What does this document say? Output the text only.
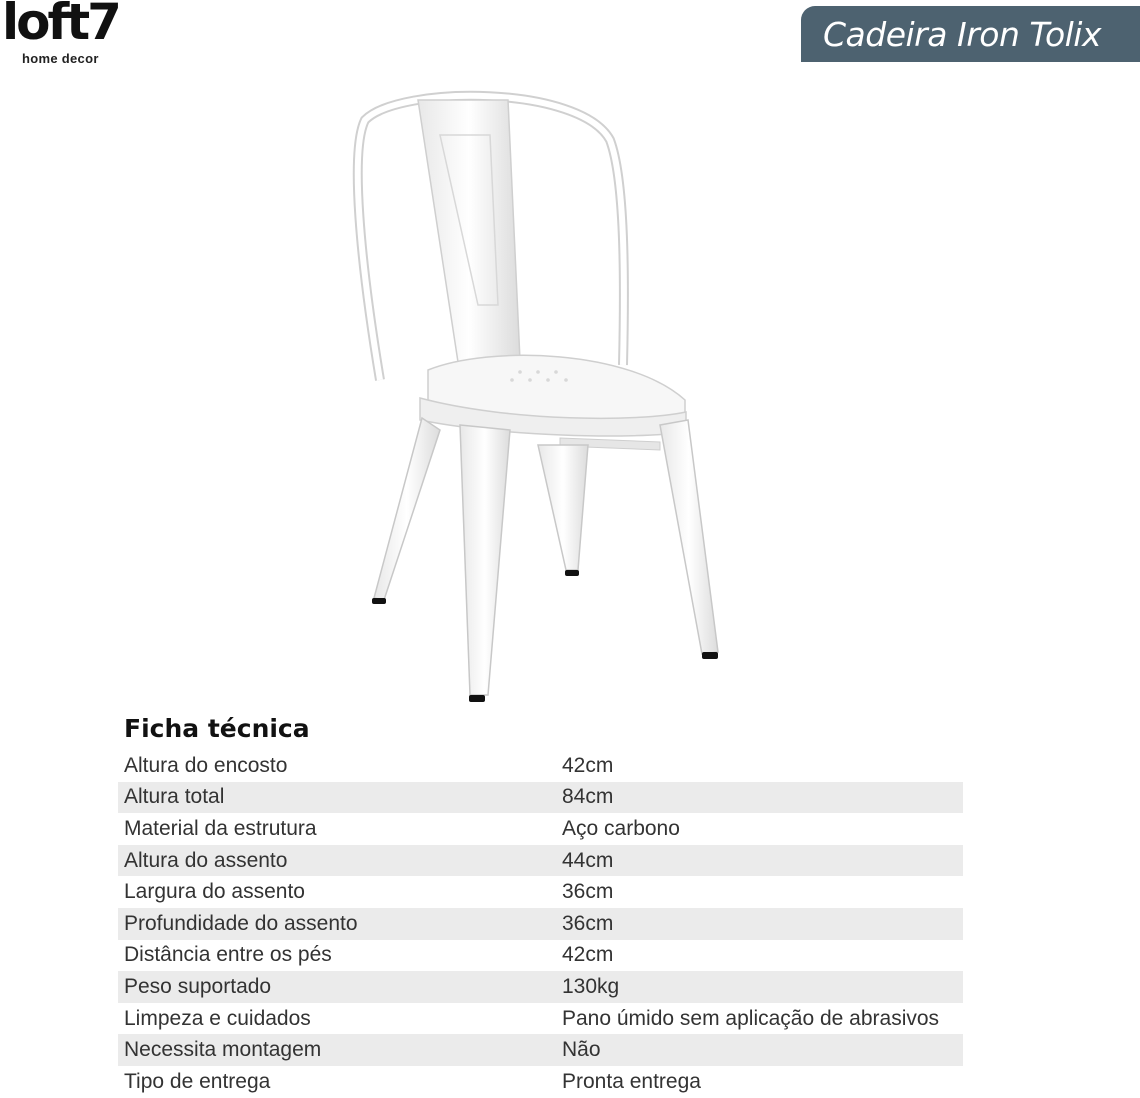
loft7
home decor
Cadeira Iron Tolix
Ficha técnica
Altura do encosto	42cm
Altura total	84cm
Material da estrutura	Aço carbono
Altura do assento	44cm
Largura do assento	36cm
Profundidade do assento	36cm
Distância entre os pés	42cm
Peso suportado	130kg
Limpeza e cuidados	Pano úmido sem aplicação de abrasivos
Necessita montagem	Não
Tipo de entrega	Pronta entrega
